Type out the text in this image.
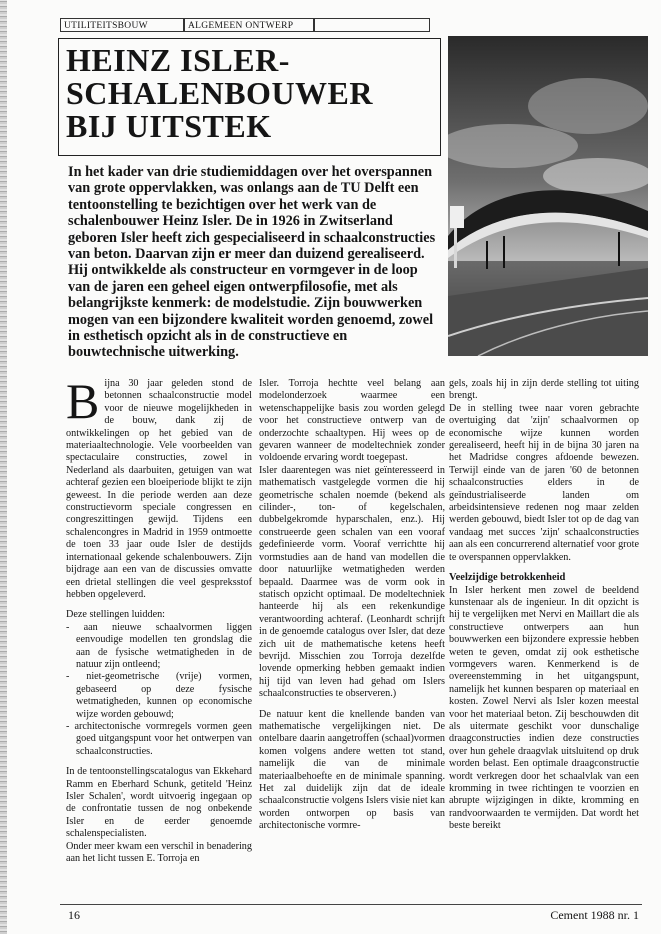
UTILITEITSBOUW	ALGEMEEN ONTWERP
HEINZ ISLER-
SCHALENBOUWER
BIJ UITSTEK

In het kader van drie studiemiddagen over het overspannen van grote oppervlakken, was onlangs aan de TU Delft een tentoonstelling te bezichtigen over het werk van de schalenbouwer Heinz Isler. De in 1926 in Zwitserland geboren Isler heeft zich gespecialiseerd in schaalconstructies van beton. Daarvan zijn er meer dan duizend gerealiseerd. Hij ontwikkelde als constructeur en vormgever in de loop van de jaren een geheel eigen ontwerpfilosofie, met als belangrijkste kenmerk: de modelstudie. Zijn bouwwerken mogen van een bijzondere kwaliteit worden genoemd, zowel in esthetisch opzicht als in de constructieve en bouwtechnische uitwerking.

Bijna 30 jaar geleden stond de betonnen schaalconstructie model voor de nieuwe mogelijkheden in de bouw, dank zij de ontwikkelingen op het gebied van de materiaaltechnologie. Vele voorbeelden van spectaculaire constructies, zowel in Nederland als daarbuiten, getuigen van wat achteraf gezien een bloeiperiode blijkt te zijn geweest. In die periode werden aan deze constructievorm speciale congressen en congreszittingen gewijd. Tijdens een schalencongres in Madrid in 1959 ontmoette de toen 33 jaar oude Isler de destijds internationaal gekende schalenbouwers. Zijn bijdrage aan een van de discussies omvatte een drietal stellingen die veel gespreksstof hebben opgeleverd.

Deze stellingen luidden:

- aan nieuwe schaalvormen liggen eenvoudige modellen ten grondslag die aan de fysische wetmatigheden in de natuur zijn ontleend;
- niet-geometrische (vrije) vormen, gebaseerd op deze fysische wetmatigheden, kunnen op economische wijze worden gebouwd;
- architectonische vormregels vormen geen goed uitgangspunt voor het ontwerpen van schaalconstructies.

In de tentoonstellingscatalogus van Ekkehard Ramm en Eberhard Schunk, getiteld 'Heinz Isler Schalen', wordt uitvoerig ingegaan op de confrontatie tussen de nog onbekende Isler en de eerder genoemde schalenspecialisten.

Onder meer kwam een verschil in benadering aan het licht tussen E. Torroja en

Isler. Torroja hechtte veel belang aan modelonderzoek waarmee een wetenschappelijke basis zou worden gelegd voor het constructieve ontwerp van de onderzochte schaaltypen. Hij wees op de gevaren wanneer de modeltechniek zonder voldoende ervaring wordt toegepast.

Isler daarentegen was niet geïnteresseerd in mathematisch vastgelegde vormen die hij geometrische schalen noemde (bekend als cilinder-, ton- of kegelschalen, dubbelgekromde hyparschalen, enz.). Hij construeerde geen schalen van een vooraf gedefinieerde vorm. Vooraf verrichtte hij vormstudies aan de hand van modellen die door natuurlijke wetmatigheden werden bepaald. Daarmee was de vorm ook in statisch opzicht optimaal. De modeltechniek hanteerde hij als een rekenkundige verantwoording achteraf. (Leonhardt schrijft in de genoemde catalogus over Isler, dat deze zich uit de mathematische ketens heeft bevrijd. Misschien zou Torroja dezelfde lovende opmerking hebben gemaakt indien hij tijd van leven had gehad om Islers schaalconstructies te observeren.)

De natuur kent die knellende banden van mathematische vergelijkingen niet. De ontelbare daarin aangetroffen (schaal)vormen komen volgens andere wetten tot stand, namelijk die van de minimale materiaalbehoefte en de minimale spanning. Het zal duidelijk zijn dat de ideale schaalconstructie volgens Islers visie niet kan worden ontworpen op basis van architectonische vormre-

gels, zoals hij in zijn derde stelling tot uiting brengt.

De in stelling twee naar voren gebrachte overtuiging dat 'zijn' schaalvormen op economische wijze kunnen worden gerealiseerd, heeft hij in de bijna 30 jaren na het Madridse congres afdoende bewezen. Terwijl einde van de jaren '60 de betonnen schaalconstructies elders in de geïndustrialiseerde landen om arbeidsintensieve redenen nog maar zelden werden gebouwd, biedt Isler tot op de dag van vandaag met succes 'zijn' schaalconstructies aan als een concurrerend alternatief voor grote te overspannen oppervlakken.

Veelzijdige betrokkenheid

In Isler herkent men zowel de beeldend kunstenaar als de ingenieur. In dit opzicht is hij te vergelijken met Nervi en Maillart die als constructieve ontwerpers aan hun bouwwerken een bijzondere expressie hebben weten te geven, omdat zij ook esthetische vormgevers waren. Kenmerkend is de overeenstemming in het uitgangspunt, namelijk het kunnen besparen op materiaal en kosten. Zowel Nervi als Isler kozen meestal voor het materiaal beton. Zij beschouwden dit als uitermate geschikt voor dunschalige draagconstructies indien deze constructies over hun gehele draagvlak uitsluitend op druk worden belast. Een optimale draagconstructie wordt verkregen door het schaalvlak van een kromming in twee richtingen te voorzien en abrupte wijzigingen in dikte, kromming en randvoorwaarden te vermijden. Dat wordt het beste bereikt

16	Cement 1988 nr. 1
